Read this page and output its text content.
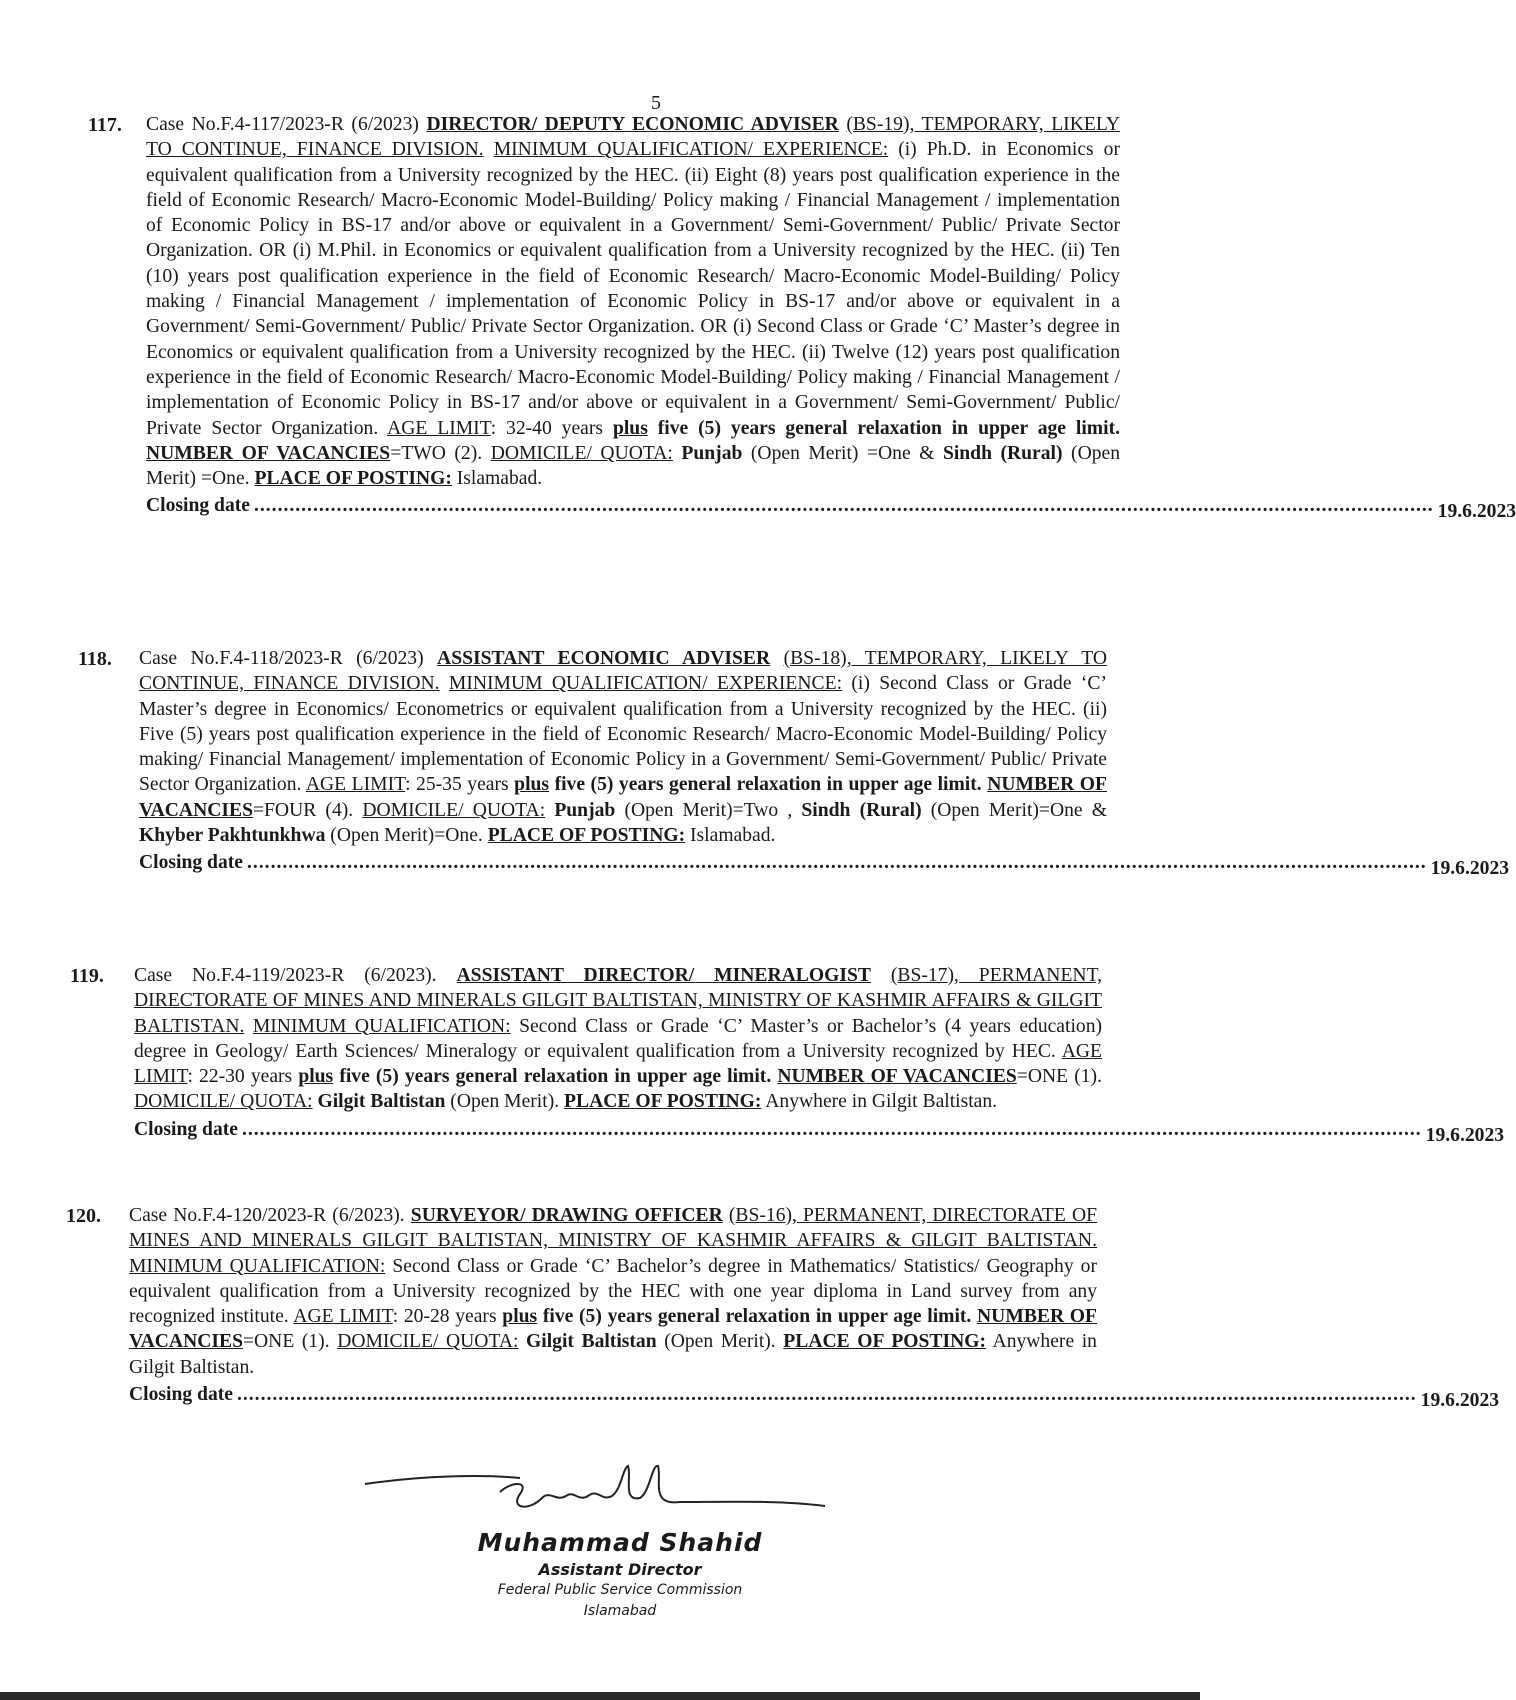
5
117. Case No.F.4-117/2023-R (6/2023) DIRECTOR/ DEPUTY ECONOMIC ADVISER (BS-19), TEMPORARY, LIKELY TO CONTINUE, FINANCE DIVISION. MINIMUM QUALIFICATION/ EXPERIENCE: (i) Ph.D. in Economics or equivalent qualification from a University recognized by the HEC. (ii) Eight (8) years post qualification experience in the field of Economic Research/ Macro-Economic Model-Building/ Policy making / Financial Management / implementation of Economic Policy in BS-17 and/or above or equivalent in a Government/ Semi-Government/ Public/ Private Sector Organization. OR (i) M.Phil. in Economics or equivalent qualification from a University recognized by the HEC. (ii) Ten (10) years post qualification experience in the field of Economic Research/ Macro-Economic Model-Building/ Policy making / Financial Management / implementation of Economic Policy in BS-17 and/or above or equivalent in a Government/ Semi-Government/ Public/ Private Sector Organization. OR (i) Second Class or Grade ‘C’ Master’s degree in Economics or equivalent qualification from a University recognized by the HEC. (ii) Twelve (12) years post qualification experience in the field of Economic Research/ Macro-Economic Model-Building/ Policy making / Financial Management / implementation of Economic Policy in BS-17 and/or above or equivalent in a Government/ Semi-Government/ Public/ Private Sector Organization. AGE LIMIT: 32-40 years plus five (5) years general relaxation in upper age limit. NUMBER OF VACANCIES=TWO (2). DOMICILE/ QUOTA: Punjab (Open Merit) =One & Sindh (Rural) (Open Merit) =One. PLACE OF POSTING: Islamabad.
Closing date ........................................................................................................................................................................................................ 19.6.2023
118. Case No.F.4-118/2023-R (6/2023) ASSISTANT ECONOMIC ADVISER (BS-18), TEMPORARY, LIKELY TO CONTINUE, FINANCE DIVISION. MINIMUM QUALIFICATION/ EXPERIENCE: (i) Second Class or Grade ‘C’ Master’s degree in Economics/ Econometrics or equivalent qualification from a University recognized by the HEC. (ii) Five (5) years post qualification experience in the field of Economic Research/ Macro-Economic Model-Building/ Policy making/ Financial Management/ implementation of Economic Policy in a Government/ Semi-Government/ Public/ Private Sector Organization. AGE LIMIT: 25-35 years plus five (5) years general relaxation in upper age limit. NUMBER OF VACANCIES=FOUR (4). DOMICILE/ QUOTA: Punjab (Open Merit)=Two , Sindh (Rural) (Open Merit)=One & Khyber Pakhtunkhwa (Open Merit)=One. PLACE OF POSTING: Islamabad.
Closing date ........................................................................................................................................................................................................ 19.6.2023
119. Case No.F.4-119/2023-R (6/2023). ASSISTANT DIRECTOR/ MINERALOGIST (BS-17), PERMANENT, DIRECTORATE OF MINES AND MINERALS GILGIT BALTISTAN, MINISTRY OF KASHMIR AFFAIRS & GILGIT BALTISTAN. MINIMUM QUALIFICATION: Second Class or Grade ‘C’ Master’s or Bachelor’s (4 years education) degree in Geology/ Earth Sciences/ Mineralogy or equivalent qualification from a University recognized by HEC. AGE LIMIT: 22-30 years plus five (5) years general relaxation in upper age limit. NUMBER OF VACANCIES=ONE (1). DOMICILE/ QUOTA: Gilgit Baltistan (Open Merit). PLACE OF POSTING: Anywhere in Gilgit Baltistan.
Closing date ........................................................................................................................................................................................................ 19.6.2023
120. Case No.F.4-120/2023-R (6/2023). SURVEYOR/ DRAWING OFFICER (BS-16), PERMANENT, DIRECTORATE OF MINES AND MINERALS GILGIT BALTISTAN, MINISTRY OF KASHMIR AFFAIRS & GILGIT BALTISTAN. MINIMUM QUALIFICATION: Second Class or Grade ‘C’ Bachelor’s degree in Mathematics/ Statistics/ Geography or equivalent qualification from a University recognized by the HEC with one year diploma in Land survey from any recognized institute. AGE LIMIT: 20-28 years plus five (5) years general relaxation in upper age limit. NUMBER OF VACANCIES=ONE (1). DOMICILE/ QUOTA: Gilgit Baltistan (Open Merit). PLACE OF POSTING: Anywhere in Gilgit Baltistan.
Closing date ........................................................................................................................................................................................................ 19.6.2023
Muhammad Shahid
Assistant Director
Federal Public Service Commission
Islamabad
